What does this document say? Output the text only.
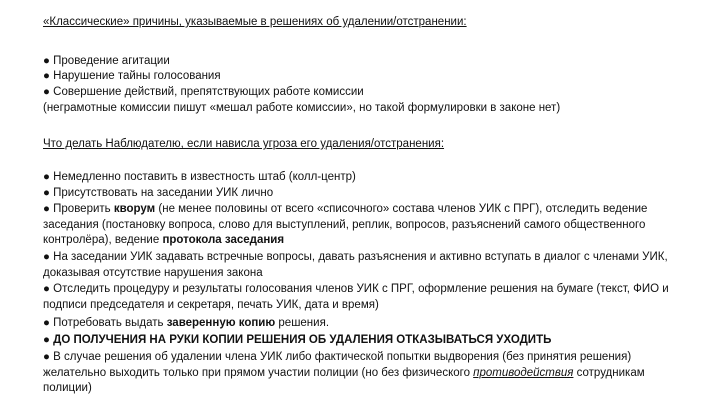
«Классические» причины, указываемые в решениях об удалении/отстранении:
● Проведение агитации
● Нарушение тайны голосования
● Совершение действий, препятствующих работе комиссии
(неграмотные комиссии пишут «мешал работе комиссии», но такой формулировки в законе нет)
Что делать Наблюдателю, если нависла угроза его удаления/отстранения:
● Немедленно поставить в известность штаб (колл-центр)
● Присутствовать на заседании УИК лично
● Проверить кворум (не менее половины от всего «списочного» состава членов УИК с ПРГ), отследить ведение заседания (постановку вопроса, слово для выступлений, реплик, вопросов, разъяснений самого общественного контролёра), ведение протокола заседания
● На заседании УИК задавать встречные вопросы, давать разъяснения и активно вступать в диалог с членами УИК, доказывая отсутствие нарушения закона
● Отследить процедуру и результаты голосования членов УИК с ПРГ, оформление решения на бумаге (текст, ФИО и подписи председателя и секретаря, печать УИК, дата и время)
● Потребовать выдать заверенную копию решения.
● ДО ПОЛУЧЕНИЯ НА РУКИ КОПИИ РЕШЕНИЯ ОБ УДАЛЕНИЯ ОТКАЗЫВАТЬСЯ УХОДИТЬ
● В случае решения об удалении члена УИК либо фактической попытки выдворения (без принятия решения) желательно выходить только при прямом участии полиции (но без физического противодействия сотрудникам полиции)
